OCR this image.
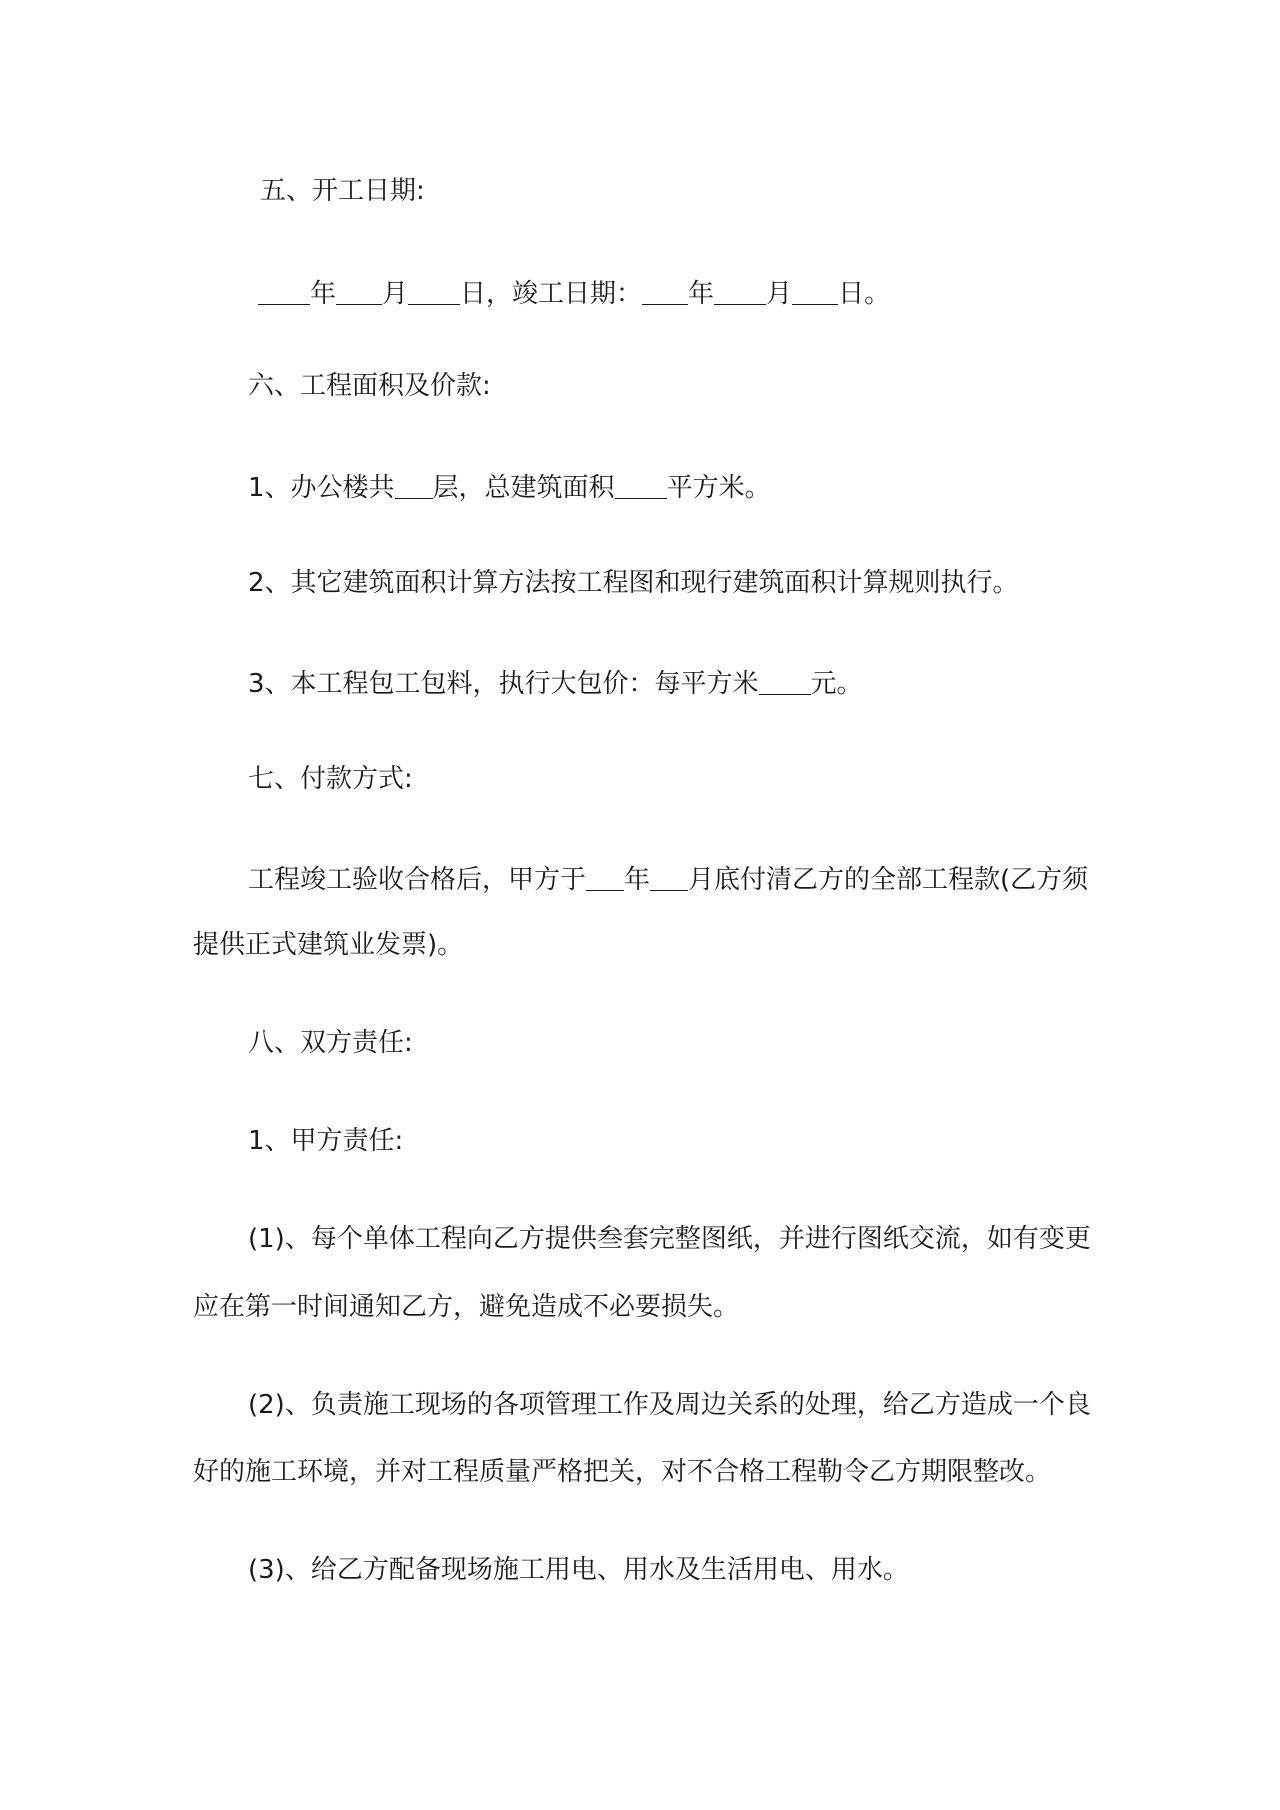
五、开工日期:
年 月 日，竣工日期： 年 月 日。
六、工程面积及价款:
1、办公楼共 层，总建筑面积 平方米。
2、其它建筑面积计算方法按工程图和现行建筑面积计算规则执行。
3、本工程包工包料，执行大包价：每平方米 元。
七、付款方式:
工程竣工验收合格后，甲方于 年 月底付清乙方的全部工程款(乙方须
提供正式建筑业发票)。
八、双方责任:
1、甲方责任:
(1)、每个单体工程向乙方提供叁套完整图纸，并进行图纸交流，如有变更
应在第一时间通知乙方，避免造成不必要损失。
(2)、负责施工现场的各项管理工作及周边关系的处理，给乙方造成一个良
好的施工环境，并对工程质量严格把关，对不合格工程勒令乙方期限整改。
(3)、给乙方配备现场施工用电、用水及生活用电、用水。
